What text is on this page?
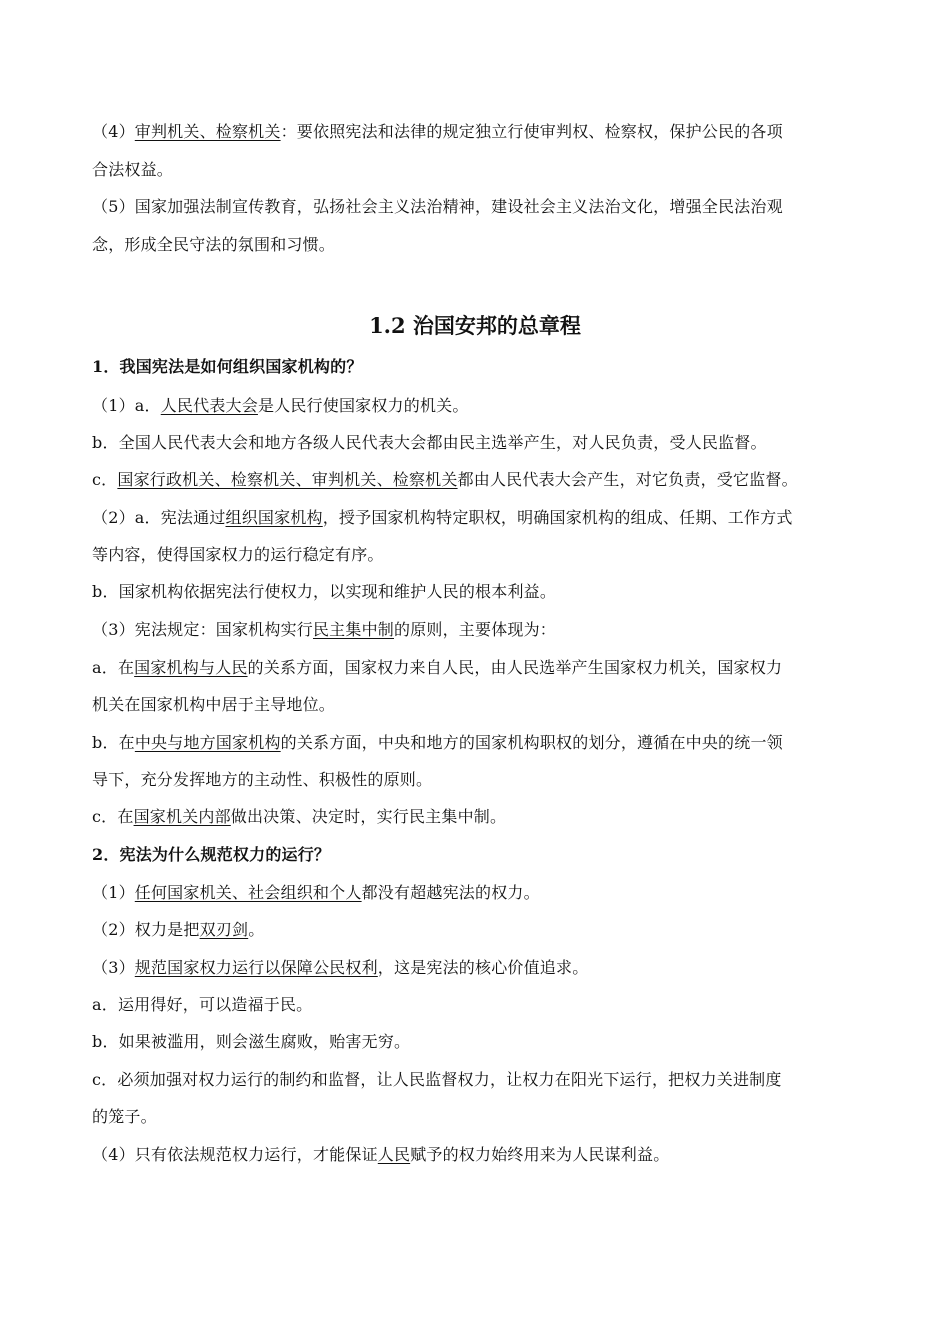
（4）审判机关、检察机关：要依照宪法和法律的规定独立行使审判权、检察权，保护公民的各项
合法权益。
（5）国家加强法制宣传教育，弘扬社会主义法治精神，建设社会主义法治文化，增强全民法治观
念，形成全民守法的氛围和习惯。
1.2 治国安邦的总章程
1．我国宪法是如何组织国家机构的？
（1）a．人民代表大会是人民行使国家权力的机关。
b．全国人民代表大会和地方各级人民代表大会都由民主选举产生，对人民负责，受人民监督。
c．国家行政机关、检察机关、审判机关、检察机关都由人民代表大会产生，对它负责，受它监督。
（2）a．宪法通过组织国家机构，授予国家机构特定职权，明确国家机构的组成、任期、工作方式
等内容，使得国家权力的运行稳定有序。
b．国家机构依据宪法行使权力，以实现和维护人民的根本利益。
（3）宪法规定：国家机构实行民主集中制的原则，主要体现为：
a．在国家机构与人民的关系方面，国家权力来自人民，由人民选举产生国家权力机关，国家权力
机关在国家机构中居于主导地位。
b．在中央与地方国家机构的关系方面，中央和地方的国家机构职权的划分，遵循在中央的统一领
导下，充分发挥地方的主动性、积极性的原则。
c．在国家机关内部做出决策、决定时，实行民主集中制。
2．宪法为什么规范权力的运行？
（1）任何国家机关、社会组织和个人都没有超越宪法的权力。
（2）权力是把双刃剑。
（3）规范国家权力运行以保障公民权利，这是宪法的核心价值追求。
a．运用得好，可以造福于民。
b．如果被滥用，则会滋生腐败，贻害无穷。
c．必须加强对权力运行的制约和监督，让人民监督权力，让权力在阳光下运行，把权力关进制度
的笼子。
（4）只有依法规范权力运行，才能保证人民赋予的权力始终用来为人民谋利益。
